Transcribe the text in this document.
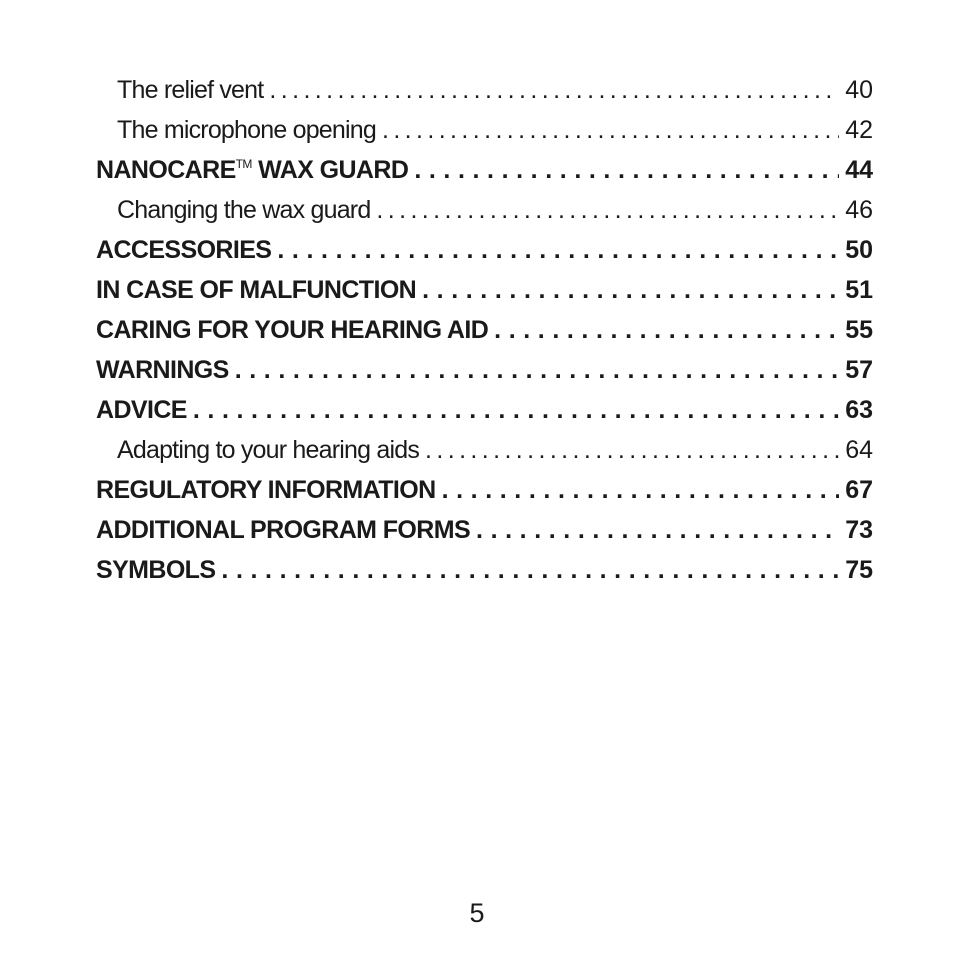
The relief vent .....	40
The microphone opening .....	42
NANOCARE™ WAX GUARD .....	44
Changing the wax guard .....	46
ACCESSORIES .....	50
IN CASE OF MALFUNCTION .....	51
CARING FOR YOUR HEARING AID .....	55
WARNINGS .....	57
ADVICE .....	63
Adapting to your hearing aids .....	64
REGULATORY INFORMATION .....	67
ADDITIONAL PROGRAM FORMS .....	73
SYMBOLS .....	75
5
